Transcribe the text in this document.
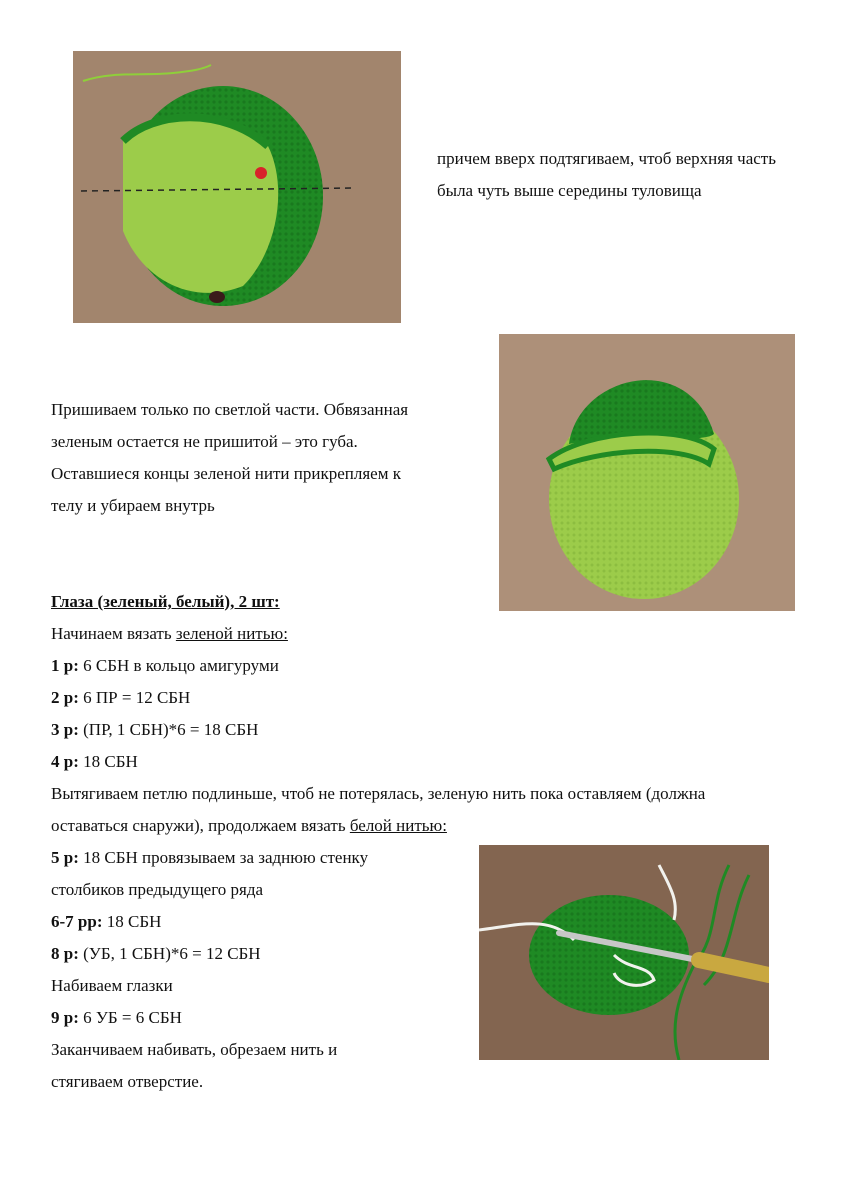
причем вверх подтягиваем, чтоб верхняя часть
была чуть выше середины туловища
Пришиваем только по светлой части. Обвязанная
зеленым остается не пришитой – это губа.
Оставшиеся концы зеленой нити прикрепляем к
телу и убираем внутрь
Глаза (зеленый, белый), 2 шт:
Начинаем вязать зеленой нитью:
1 р: 6 СБН в кольцо амигуруми
2 р: 6 ПР = 12 СБН
3 р: (ПР, 1 СБН)*6 = 18 СБН
4 р: 18 СБН
Вытягиваем петлю подлиньше, чтоб не потерялась, зеленую нить пока оставляем (должна
оставаться снаружи), продолжаем вязать белой нитью:
5 р: 18 СБН провязываем за заднюю стенку
столбиков предыдущего ряда
6-7 рр: 18 СБН
8 р: (УБ, 1 СБН)*6 = 12 СБН
Набиваем глазки
9 р: 6 УБ = 6 СБН
Заканчиваем набивать, обрезаем нить и
стягиваем отверстие.
